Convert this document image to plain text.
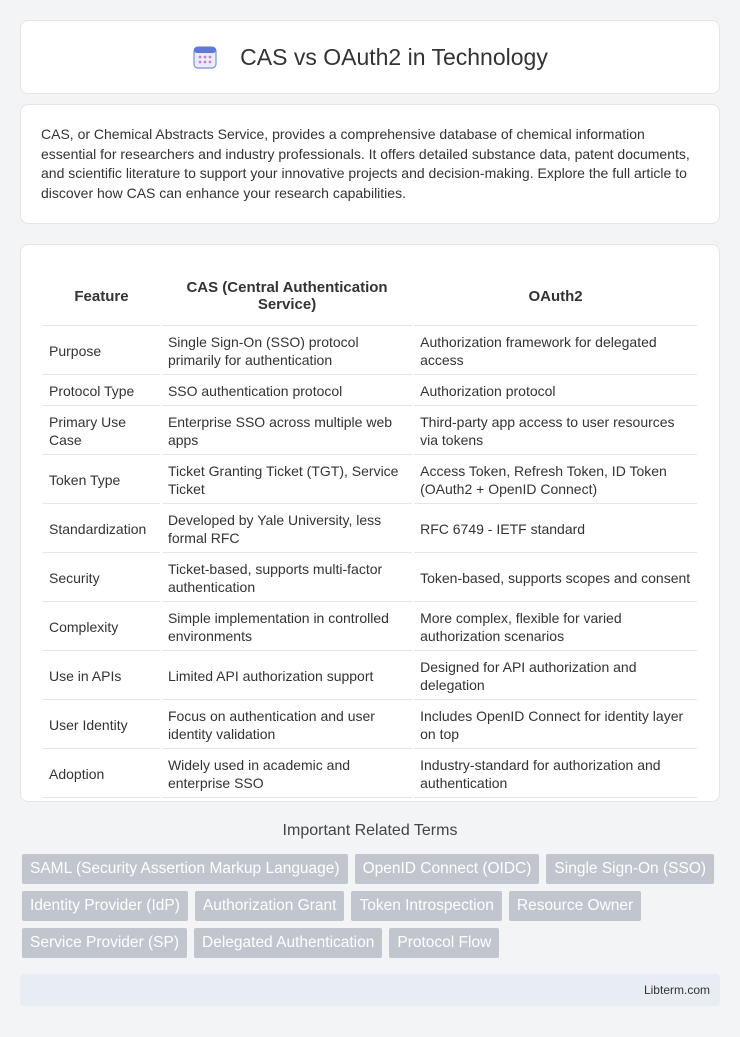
CAS vs OAuth2 in Technology

CAS, or Chemical Abstracts Service, provides a comprehensive database of chemical information essential for researchers and industry professionals. It offers detailed substance data, patent documents, and scientific literature to support your innovative projects and decision-making. Explore the full article to discover how CAS can enhance your research capabilities.

Feature	CAS (Central Authentication Service)	OAuth2
Purpose	Single Sign-On (SSO) protocol primarily for authentication	Authorization framework for delegated access
Protocol Type	SSO authentication protocol	Authorization protocol
Primary Use Case	Enterprise SSO across multiple web apps	Third-party app access to user resources via tokens
Token Type	Ticket Granting Ticket (TGT), Service Ticket	Access Token, Refresh Token, ID Token (OAuth2 + OpenID Connect)
Standardization	Developed by Yale University, less formal RFC	RFC 6749 - IETF standard
Security	Ticket-based, supports multi-factor authentication	Token-based, supports scopes and consent
Complexity	Simple implementation in controlled environments	More complex, flexible for varied authorization scenarios
Use in APIs	Limited API authorization support	Designed for API authorization and delegation
User Identity	Focus on authentication and user identity validation	Includes OpenID Connect for identity layer on top
Adoption	Widely used in academic and enterprise SSO	Industry-standard for authorization and authentication
Important Related Terms
SAML (Security Assertion Markup Language)	OpenID Connect (OIDC)	Single Sign-On (SSO)
Identity Provider (IdP)	Authorization Grant	Token Introspection	Resource Owner
Service Provider (SP)	Delegated Authentication	Protocol Flow
Libterm.com
